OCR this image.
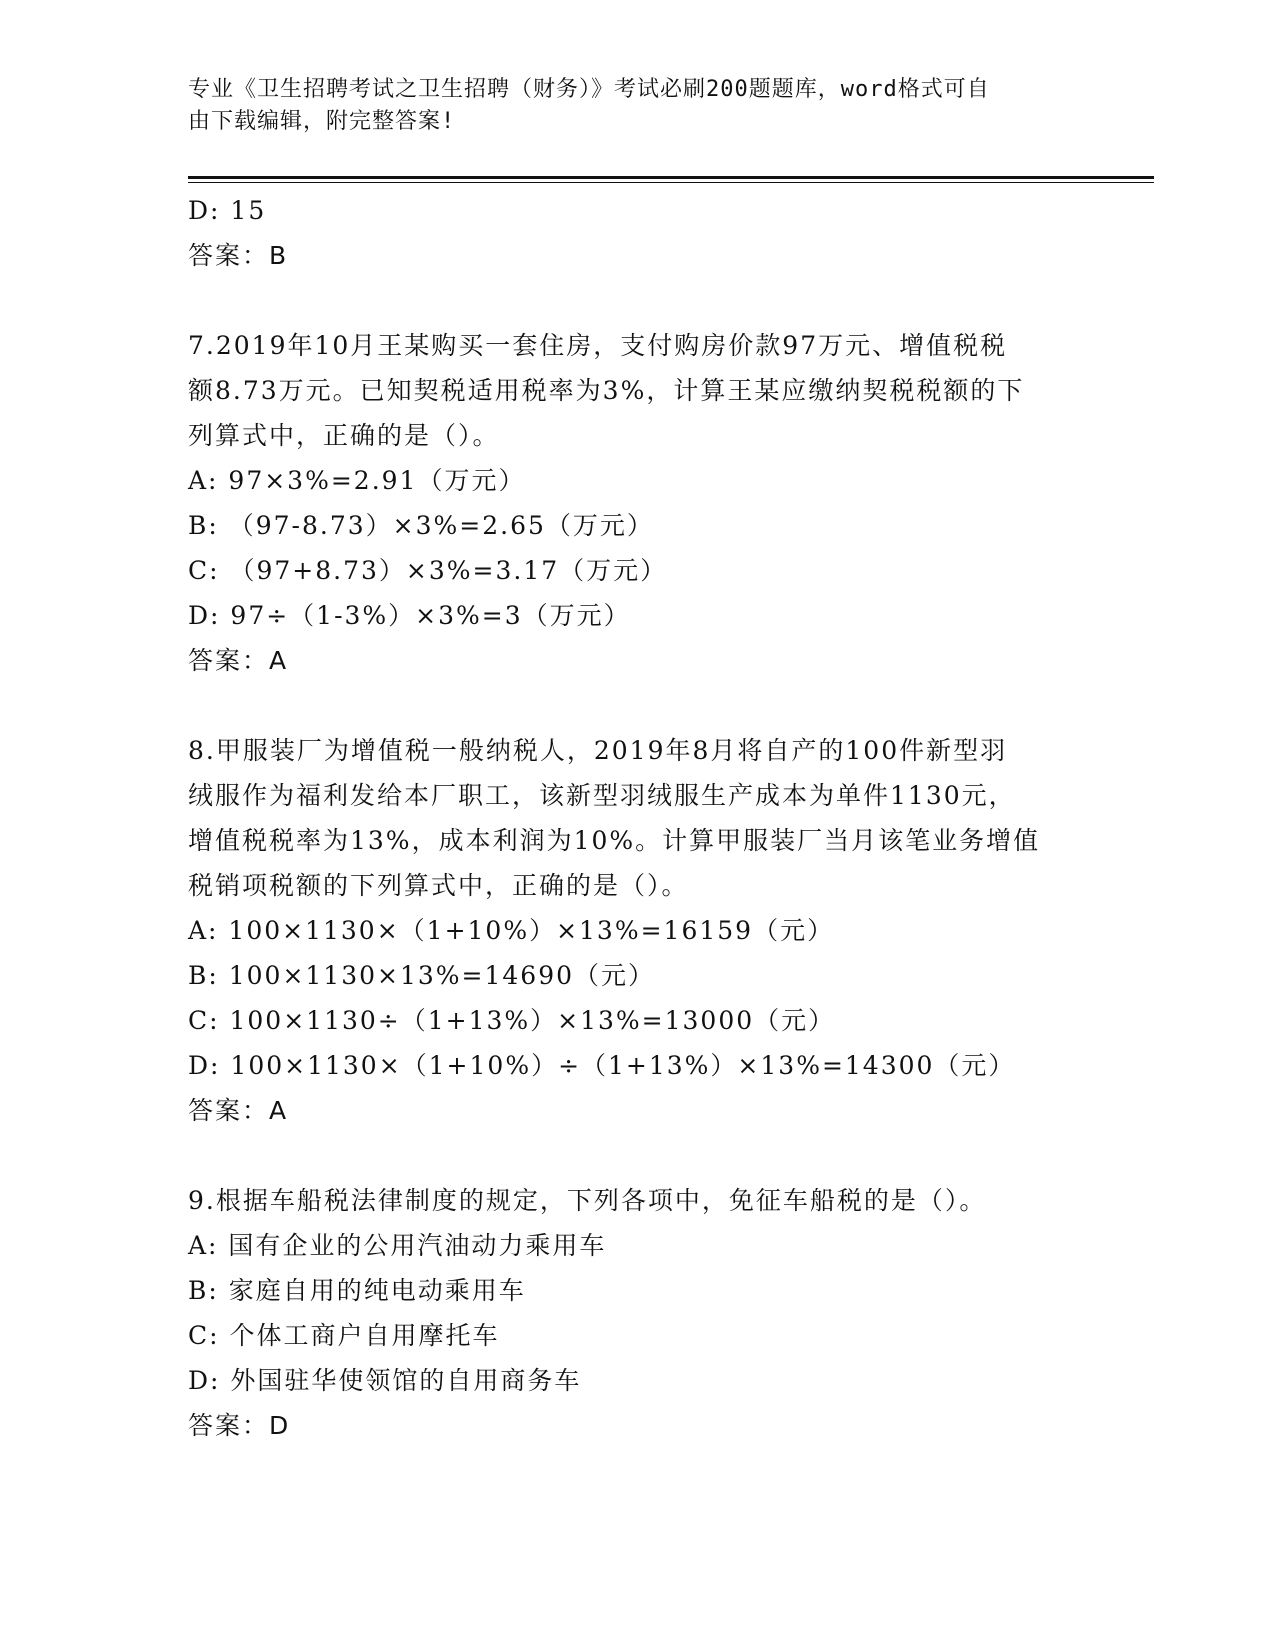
专业《卫生招聘考试之卫生招聘（财务）》考试必刷200题题库，word格式可自
由下载编辑，附完整答案!
D: 15
答案：B
7.2019年10月王某购买一套住房，支付购房价款97万元、增值税税
额8.73万元。已知契税适用税率为3%，计算王某应缴纳契税税额的下
列算式中，正确的是（）。
A: 97×3%=2.91（万元）
B: （97-8.73）×3%=2.65（万元）
C: （97+8.73）×3%=3.17（万元）
D: 97÷（1-3%）×3%=3（万元）
答案：A
8.甲服装厂为增值税一般纳税人，2019年8月将自产的100件新型羽
绒服作为福利发给本厂职工，该新型羽绒服生产成本为单件1130元，
增值税税率为13%，成本利润为10%。计算甲服装厂当月该笔业务增值
税销项税额的下列算式中，正确的是（）。
A: 100×1130×（1+10%）×13%=16159（元）
B: 100×1130×13%=14690（元）
C: 100×1130÷（1+13%）×13%=13000（元）
D: 100×1130×（1+10%）÷（1+13%）×13%=14300（元）
答案：A
9.根据车船税法律制度的规定，下列各项中，免征车船税的是（）。
A: 国有企业的公用汽油动力乘用车
B: 家庭自用的纯电动乘用车
C: 个体工商户自用摩托车
D: 外国驻华使领馆的自用商务车
答案：D
